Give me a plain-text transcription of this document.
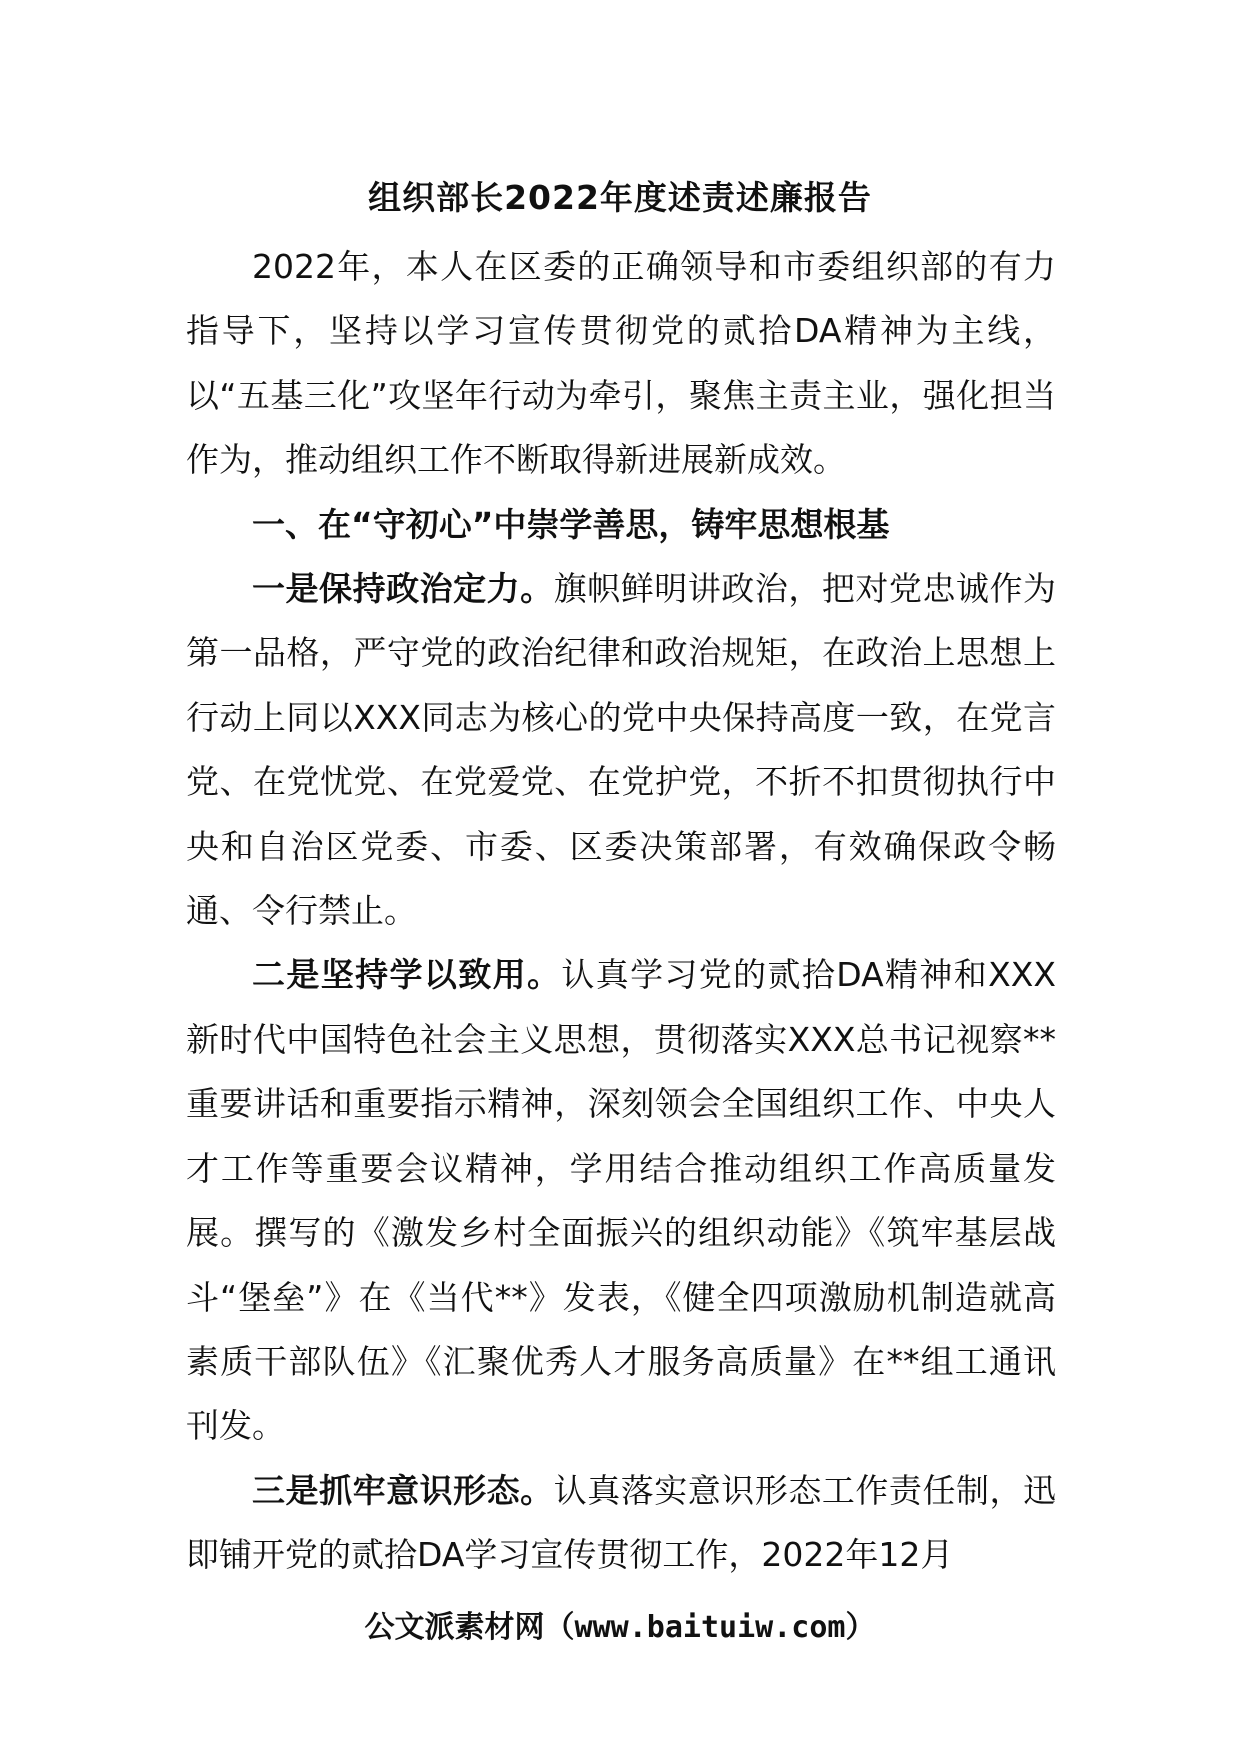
组织部长2022年度述责述廉报告

2022年，本人在区委的正确领导和市委组织部的有力指导下，坚持以学习宣传贯彻党的贰拾DA精神为主线，以“五基三化”攻坚年行动为牵引，聚焦主责主业，强化担当作为，推动组织工作不断取得新进展新成效。

一、在“守初心”中崇学善思，铸牢思想根基

一是保持政治定力。旗帜鲜明讲政治，把对党忠诚作为第一品格，严守党的政治纪律和政治规矩，在政治上思想上行动上同以XXX同志为核心的党中央保持高度一致，在党言党、在党忧党、在党爱党、在党护党，不折不扣贯彻执行中央和自治区党委、市委、区委决策部署，有效确保政令畅通、令行禁止。

二是坚持学以致用。认真学习党的贰拾DA精神和XXX新时代中国特色社会主义思想，贯彻落实XXX总书记视察**重要讲话和重要指示精神，深刻领会全国组织工作、中央人才工作等重要会议精神，学用结合推动组织工作高质量发展。撰写的《激发乡村全面振兴的组织动能》《筑牢基层战斗“堡垒”》在《当代**》发表，《健全四项激励机制造就高素质干部队伍》《汇聚优秀人才服务高质量》在**组工通讯刊发。

三是抓牢意识形态。认真落实意识形态工作责任制，迅即铺开党的贰拾DA学习宣传贯彻工作，2022年12月

公文派素材网（www.baituiw.com）
